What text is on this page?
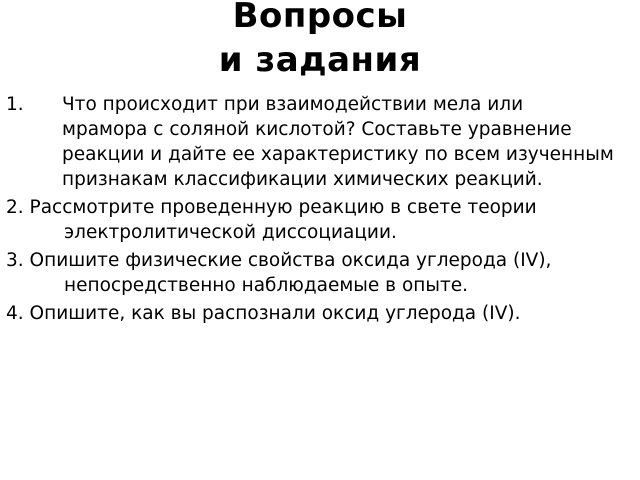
Вопросы
и задания
1. Что происходит при взаимодействии мела или мрамора с соляной кислотой? Составьте уравнение реакции и дайте ее характеристику по всем изученным признакам классификации химических реакций.
2. Рассмотрите проведенную реакцию в свете теории электролитической диссоциации.
3. Опишите физические свойства оксида углерода (IV), непосредственно наблюдаемые в опыте.
4. Опишите, как вы распознали оксид углерода (IV).
